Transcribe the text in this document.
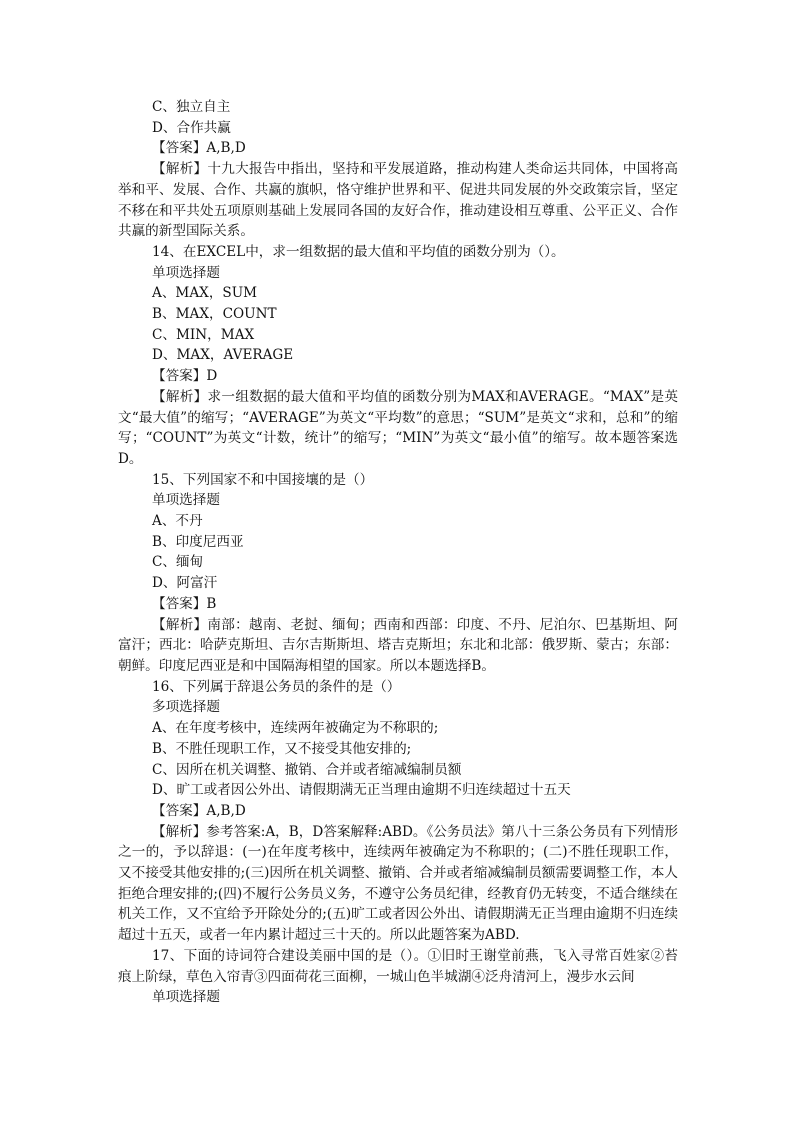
C、独立自主
D、合作共赢
【答案】A,B,D
【解析】十九大报告中指出，坚持和平发展道路，推动构建人类命运共同体，中国将高举和平、发展、合作、共赢的旗帜，恪守维护世界和平、促进共同发展的外交政策宗旨，坚定不移在和平共处五项原则基础上发展同各国的友好合作，推动建设相互尊重、公平正义、合作共赢的新型国际关系。
14、在EXCEL中，求一组数据的最大值和平均值的函数分别为（）。
单项选择题
A、MAX，SUM
B、MAX，COUNT
C、MIN，MAX
D、MAX，AVERAGE
【答案】D
【解析】求一组数据的最大值和平均值的函数分别为MAX和AVERAGE。“MAX”是英文“最大值”的缩写；“AVERAGE”为英文“平均数”的意思；“SUM”是英文“求和，总和”的缩写；“COUNT”为英文“计数，统计”的缩写；“MIN”为英文“最小值”的缩写。故本题答案选D。
15、下列国家不和中国接壤的是（）
单项选择题
A、不丹
B、印度尼西亚
C、缅甸
D、阿富汗
【答案】B
【解析】南部：越南、老挝、缅甸；西南和西部：印度、不丹、尼泊尔、巴基斯坦、阿富汗；西北：哈萨克斯坦、吉尔吉斯斯坦、塔吉克斯坦；东北和北部：俄罗斯、蒙古；东部：朝鲜。印度尼西亚是和中国隔海相望的国家。所以本题选择B。
16、下列属于辞退公务员的条件的是（）
多项选择题
A、在年度考核中，连续两年被确定为不称职的;
B、不胜任现职工作，又不接受其他安排的;
C、因所在机关调整、撤销、合并或者缩减编制员额
D、旷工或者因公外出、请假期满无正当理由逾期不归连续超过十五天
【答案】A,B,D
【解析】参考答案:A，B，D答案解释:ABD。《公务员法》第八十三条公务员有下列情形之一的，予以辞退：(一)在年度考核中，连续两年被确定为不称职的；(二)不胜任现职工作，又不接受其他安排的;(三)因所在机关调整、撤销、合并或者缩减编制员额需要调整工作，本人拒绝合理安排的;(四)不履行公务员义务，不遵守公务员纪律，经教育仍无转变，不适合继续在机关工作，又不宜给予开除处分的;(五)旷工或者因公外出、请假期满无正当理由逾期不归连续超过十五天，或者一年内累计超过三十天的。所以此题答案为ABD.
17、下面的诗词符合建设美丽中国的是（）。①旧时王谢堂前燕，飞入寻常百姓家②苔痕上阶绿，草色入帘青③四面荷花三面柳，一城山色半城湖④泛舟清河上，漫步水云间
单项选择题
